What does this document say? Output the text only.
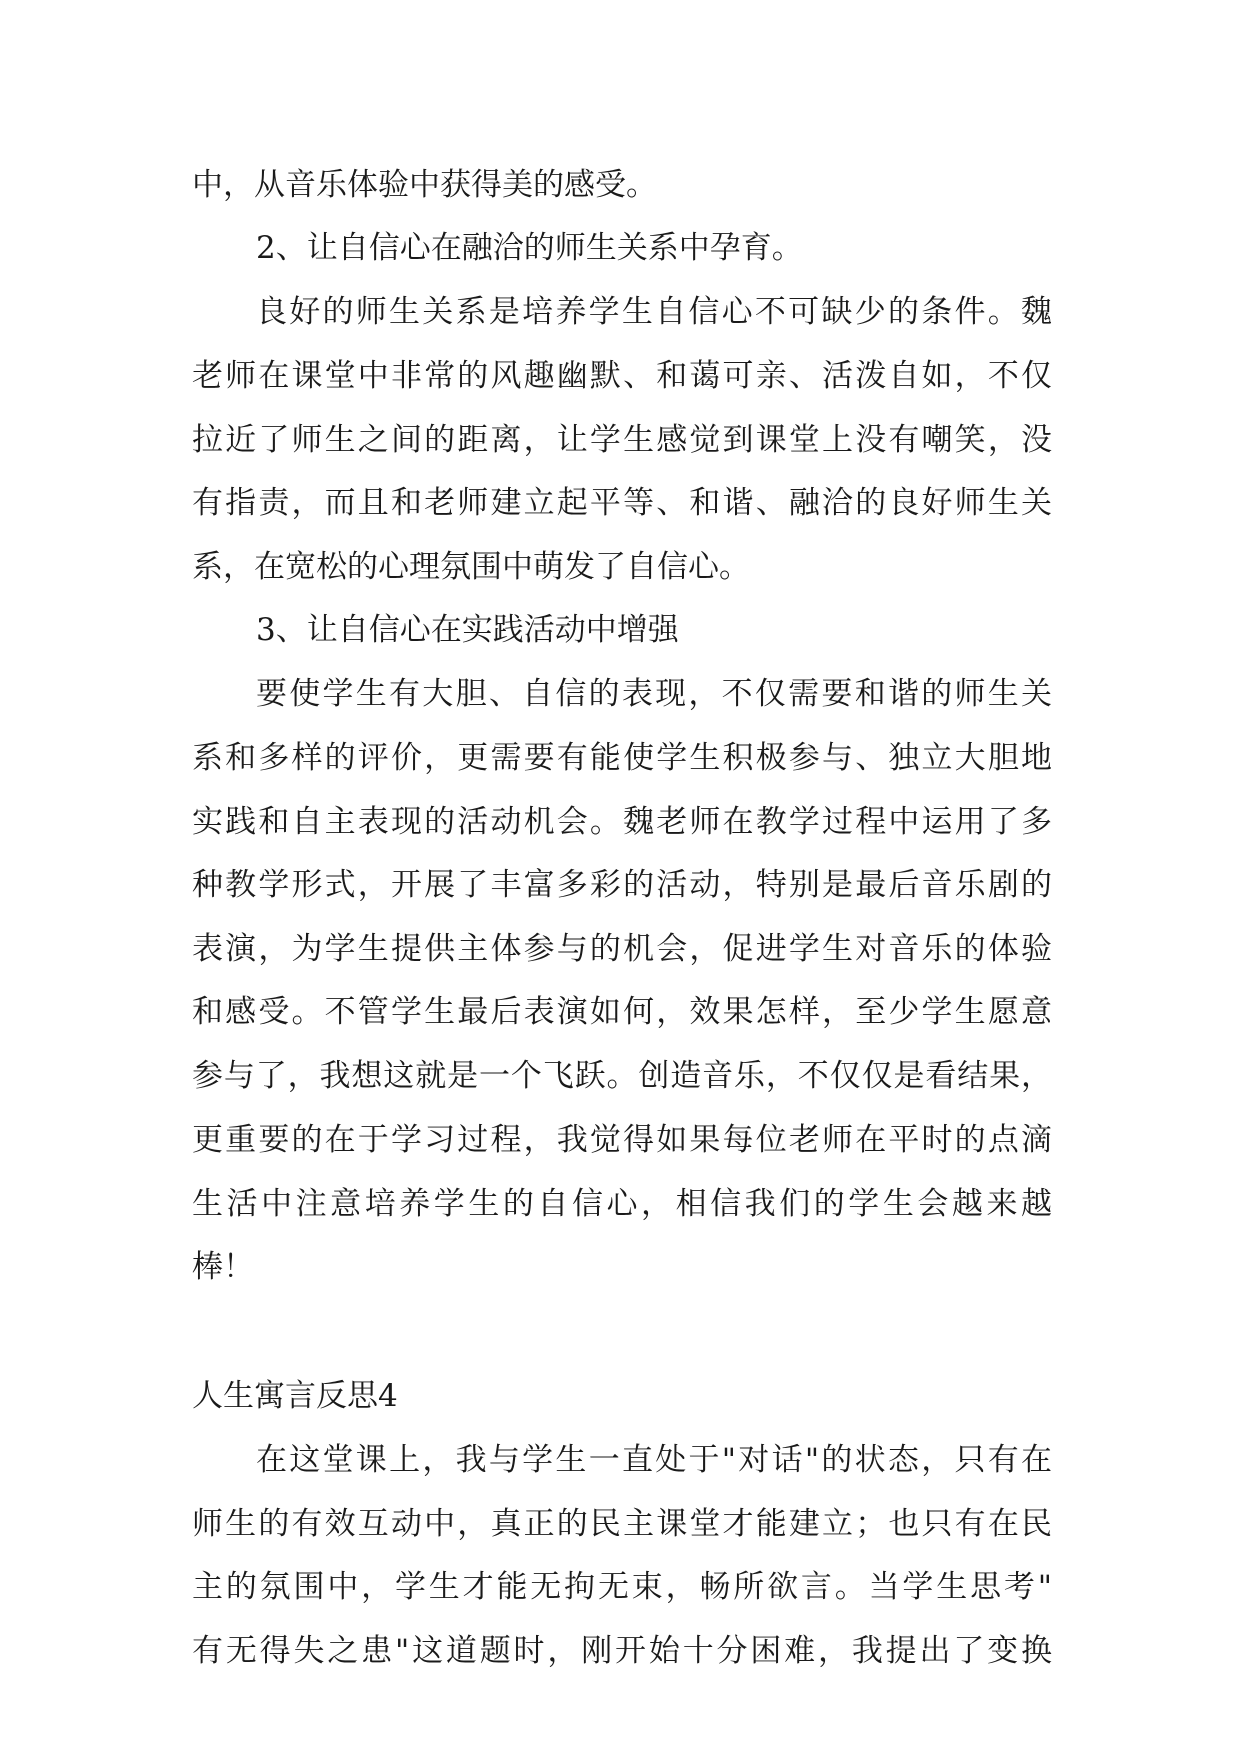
中，从音乐体验中获得美的感受。
2、让自信心在融洽的师生关系中孕育。
良好的师生关系是培养学生自信心不可缺少的条件。魏
老师在课堂中非常的风趣幽默、和蔼可亲、活泼自如，不仅
拉近了师生之间的距离，让学生感觉到课堂上没有嘲笑，没
有指责，而且和老师建立起平等、和谐、融洽的良好师生关
系，在宽松的心理氛围中萌发了自信心。
3、让自信心在实践活动中增强
要使学生有大胆、自信的表现，不仅需要和谐的师生关
系和多样的评价，更需要有能使学生积极参与、独立大胆地
实践和自主表现的活动机会。魏老师在教学过程中运用了多
种教学形式，开展了丰富多彩的活动，特别是最后音乐剧的
表演，为学生提供主体参与的机会，促进学生对音乐的体验
和感受。不管学生最后表演如何，效果怎样，至少学生愿意
参与了，我想这就是一个飞跃。创造音乐，不仅仅是看结果，
更重要的在于学习过程，我觉得如果每位老师在平时的点滴
生活中注意培养学生的自信心，相信我们的学生会越来越
棒！
人生寓言反思4
在这堂课上，我与学生一直处于"对话"的状态，只有在
师生的有效互动中，真正的民主课堂才能建立；也只有在民
主的氛围中，学生才能无拘无束，畅所欲言。当学生思考"
有无得失之患"这道题时，刚开始十分困难，我提出了变换
